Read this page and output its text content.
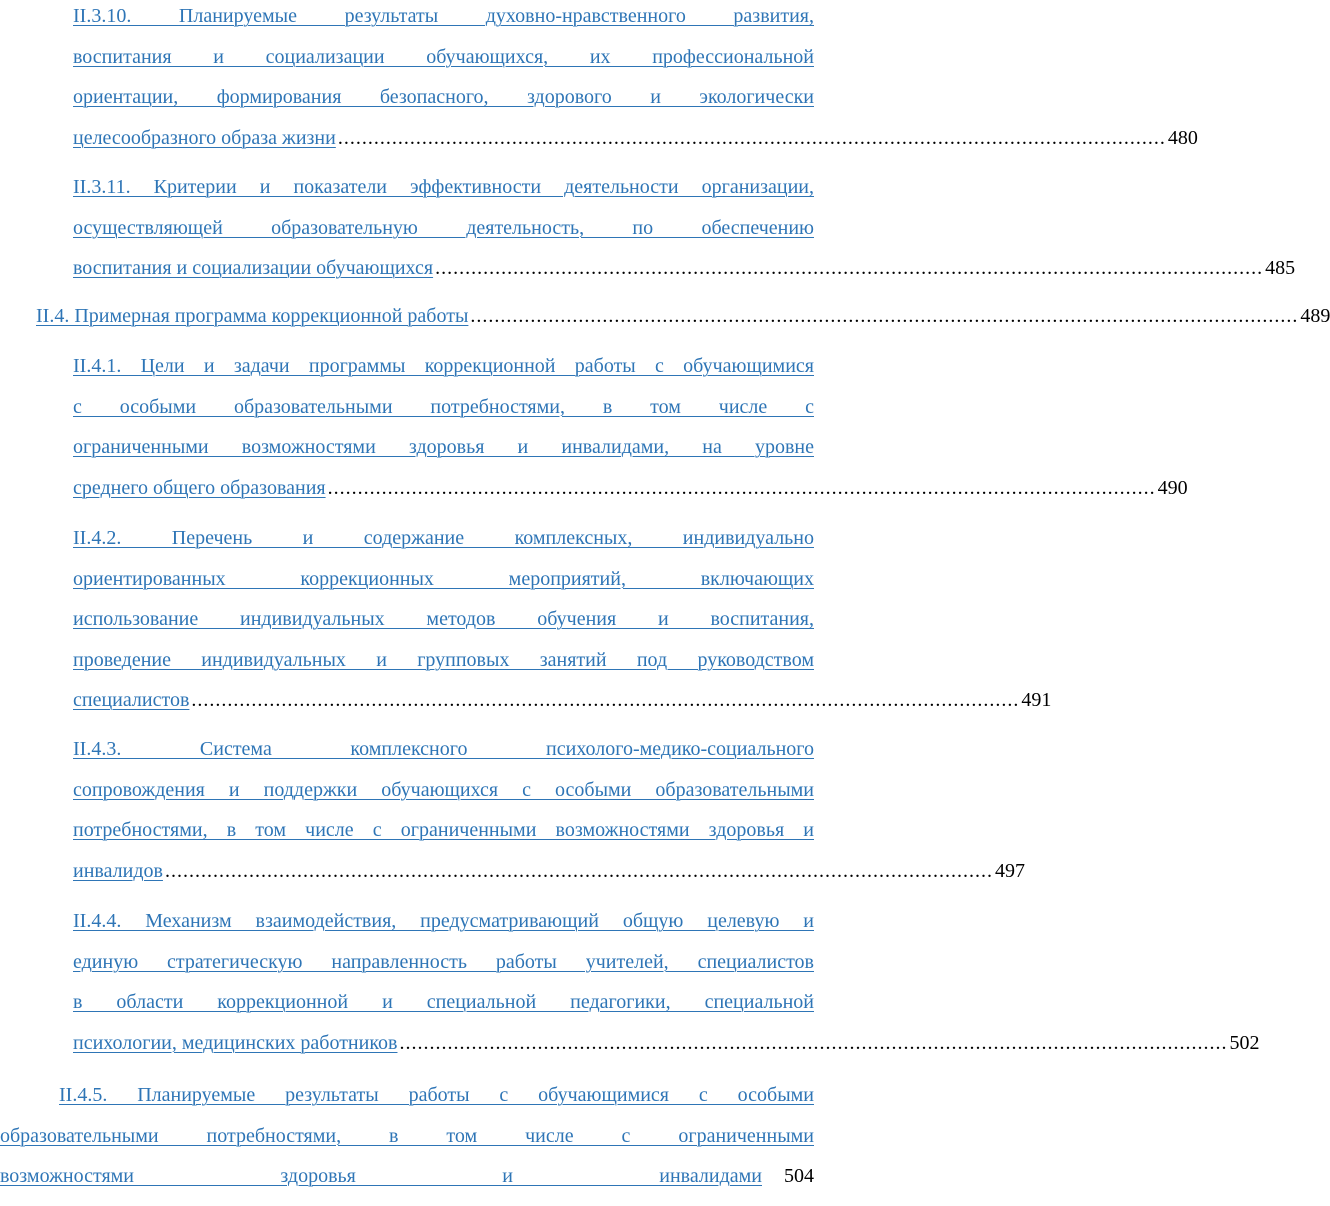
II.3.10. Планируемые результаты духовно-нравственного развития,
воспитания и социализации обучающихся, их профессиональной
ориентации, формирования безопасного, здорового и экологически
целесообразного образа жизни .......................................................................................................................................... 480
II.3.11. Критерии и показатели эффективности деятельности организации,
осуществляющей образовательную деятельность, по обеспечению
воспитания и социализации обучающихся .......................................................................................................................................... 485
II.4. Примерная программа коррекционной работы .......................................................................................................................................... 489
II.4.1. Цели и задачи программы коррекционной работы с обучающимися
с особыми образовательными потребностями, в том числе с
ограниченными возможностями здоровья и инвалидами, на уровне
среднего общего образования .......................................................................................................................................... 490
II.4.2. Перечень и содержание комплексных, индивидуально
ориентированных коррекционных мероприятий, включающих
использование индивидуальных методов обучения и воспитания,
проведение индивидуальных и групповых занятий под руководством
специалистов .......................................................................................................................................... 491
II.4.3. Система комплексного психолого-медико-социального
сопровождения и поддержки обучающихся с особыми образовательными
потребностями, в том числе с ограниченными возможностями здоровья и
инвалидов .......................................................................................................................................... 497
II.4.4. Механизм взаимодействия, предусматривающий общую целевую и
единую стратегическую направленность работы учителей, специалистов
в области коррекционной и специальной педагогики, специальной
психологии, медицинских работников .......................................................................................................................................... 502
II.4.5. Планируемые результаты работы с обучающимися с особыми
образовательными потребностями, в том числе с ограниченными
возможностями здоровья и инвалидами 504
